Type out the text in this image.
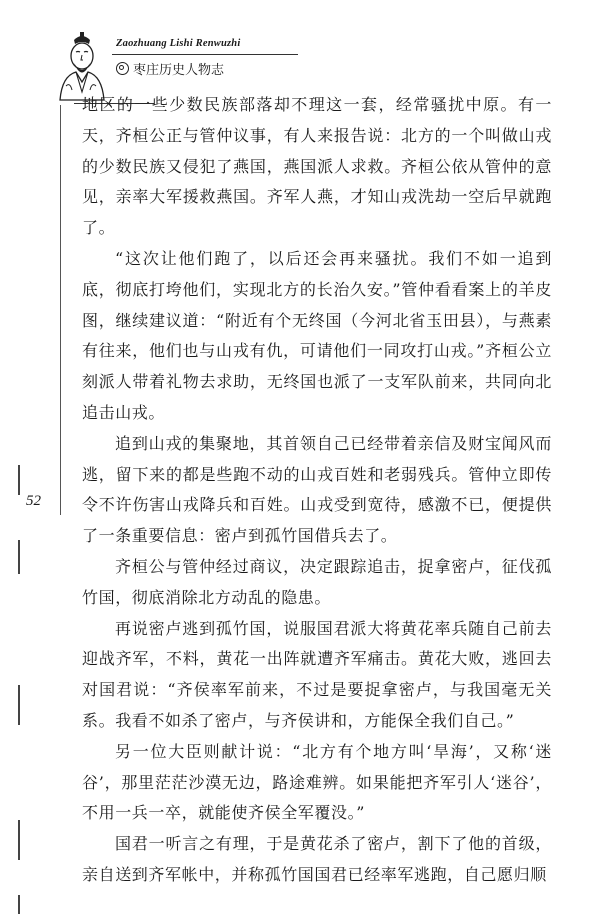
Zaozhuang Lishi Renwuzhi
枣庄历史人物志
52

地区的一些少数民族部落却不理这一套，经常骚扰中原。有一天，齐桓公正与管仲议事，有人来报告说：北方的一个叫做山戎的少数民族又侵犯了燕国，燕国派人求救。齐桓公依从管仲的意见，亲率大军援救燕国。齐军人燕，才知山戎洗劫一空后早就跑了。

“这次让他们跑了，以后还会再来骚扰。我们不如一追到底，彻底打垮他们，实现北方的长治久安。”管仲看看案上的羊皮图，继续建议道：“附近有个无终国（今河北省玉田县），与燕素有往来，他们也与山戎有仇，可请他们一同攻打山戎。”齐桓公立刻派人带着礼物去求助，无终国也派了一支军队前来，共同向北追击山戎。

追到山戎的集聚地，其首领自己已经带着亲信及财宝闻风而逃，留下来的都是些跑不动的山戎百姓和老弱残兵。管仲立即传令不许伤害山戎降兵和百姓。山戎受到宽待，感激不已，便提供了一条重要信息：密卢到孤竹国借兵去了。

齐桓公与管仲经过商议，决定跟踪追击，捉拿密卢，征伐孤竹国，彻底消除北方动乱的隐患。

再说密卢逃到孤竹国，说服国君派大将黄花率兵随自己前去迎战齐军，不料，黄花一出阵就遭齐军痛击。黄花大败，逃回去对国君说：“齐侯率军前来，不过是要捉拿密卢，与我国毫无关系。我看不如杀了密卢，与齐侯讲和，方能保全我们自己。”

另一位大臣则献计说：“北方有个地方叫‘旱海’，又称‘迷谷’，那里茫茫沙漠无边，路途难辨。如果能把齐军引人‘迷谷’，不用一兵一卒，就能使齐侯全军覆没。”

国君一听言之有理，于是黄花杀了密卢，割下了他的首级，亲自送到齐军帐中，并称孤竹国国君已经率军逃跑，自己愿归顺
